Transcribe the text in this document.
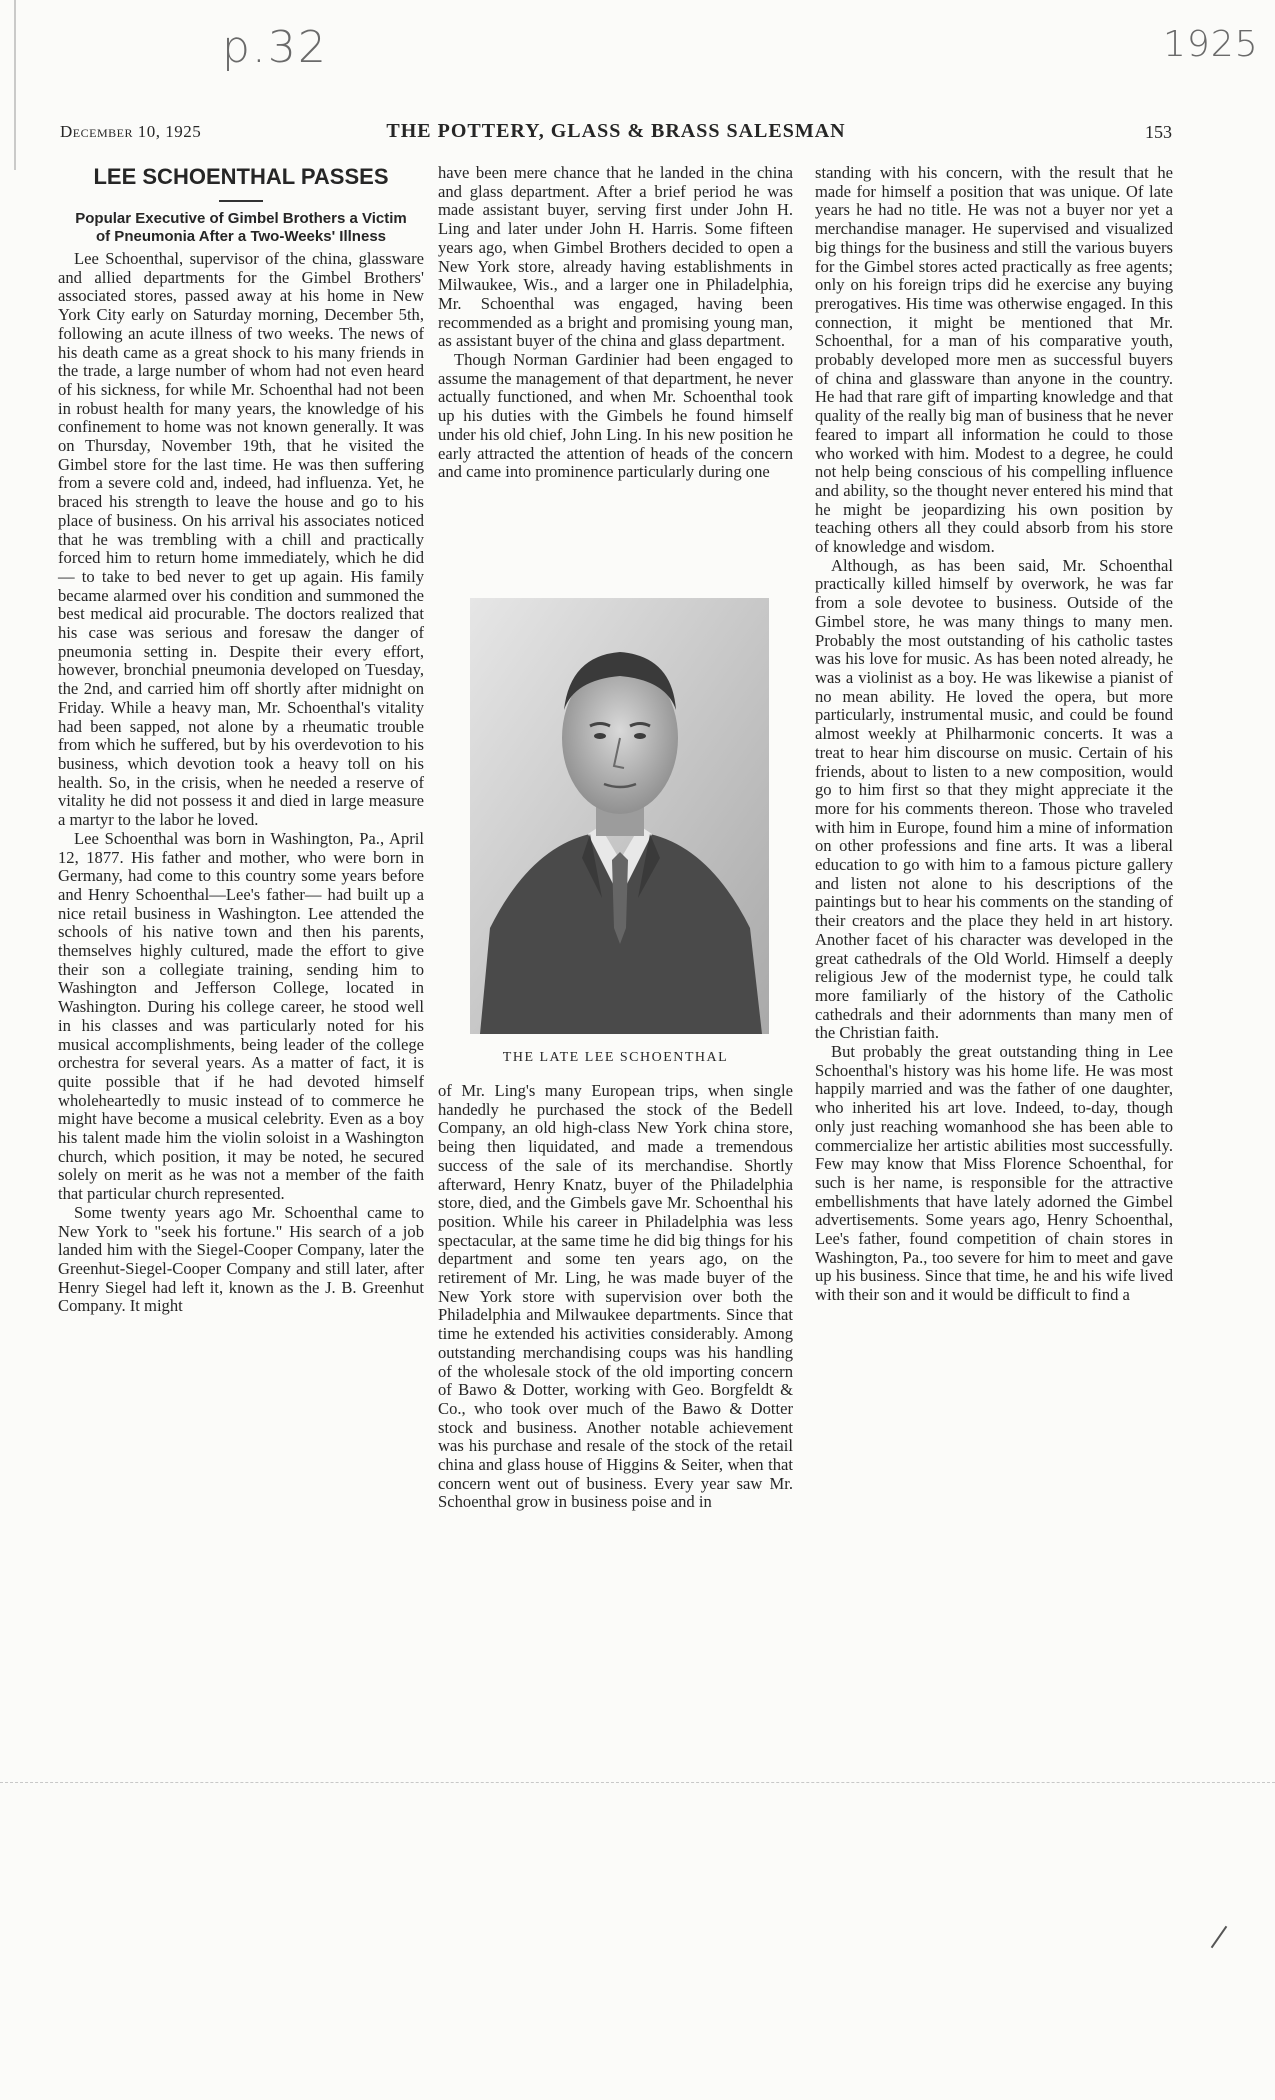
p.32	1925
December 10, 1925	THE POTTERY, GLASS & BRASS SALESMAN	153
LEE SCHOENTHAL PASSES
Popular Executive of Gimbel Brothers a Victim of Pneumonia After a Two-Weeks' Illness

Lee Schoenthal, supervisor of the china, glassware and allied departments for the Gimbel Brothers' associated stores, passed away at his home in New York City early on Saturday morning, December 5th, following an acute illness of two weeks. The news of his death came as a great shock to his many friends in the trade, a large number of whom had not even heard of his sickness, for while Mr. Schoenthal had not been in robust health for many years, the knowledge of his confinement to home was not known generally. It was on Thursday, November 19th, that he visited the Gimbel store for the last time. He was then suffering from a severe cold and, indeed, had influenza. Yet, he braced his strength to leave the house and go to his place of business. On his arrival his associates noticed that he was trembling with a chill and practically forced him to return home immediately, which he did— to take to bed never to get up again. His family became alarmed over his condition and summoned the best medical aid procurable. The doctors realized that his case was serious and foresaw the danger of pneumonia setting in. Despite their every effort, however, bronchial pneumonia developed on Tuesday, the 2nd, and carried him off shortly after midnight on Friday. While a heavy man, Mr. Schoenthal's vitality had been sapped, not alone by a rheumatic trouble from which he suffered, but by his overdevotion to his business, which devotion took a heavy toll on his health. So, in the crisis, when he needed a reserve of vitality he did not possess it and died in large measure a martyr to the labor he loved.

Lee Schoenthal was born in Washington, Pa., April 12, 1877. His father and mother, who were born in Germany, had come to this country some years before and Henry Schoenthal—Lee's father— had built up a nice retail business in Washington. Lee attended the schools of his native town and then his parents, themselves highly cultured, made the effort to give their son a collegiate training, sending him to Washington and Jefferson College, located in Washington. During his college career, he stood well in his classes and was particularly noted for his musical accomplishments, being leader of the college orchestra for several years. As a matter of fact, it is quite possible that if he had devoted himself wholeheartedly to music instead of to commerce he might have become a musical celebrity. Even as a boy his talent made him the violin soloist in a Washington church, which position, it may be noted, he secured solely on merit as he was not a member of the faith that particular church represented.

Some twenty years ago Mr. Schoenthal came to New York to "seek his fortune." His search of a job landed him with the Siegel-Cooper Company, later the Greenhut-Siegel-Cooper Company and still later, after Henry Siegel had left it, known as the J. B. Greenhut Company. It might

have been mere chance that he landed in the china and glass department. After a brief period he was made assistant buyer, serving first under John H. Ling and later under John H. Harris. Some fifteen years ago, when Gimbel Brothers decided to open a New York store, already having establishments in Milwaukee, Wis., and a larger one in Philadelphia, Mr. Schoenthal was engaged, having been recommended as a bright and promising young man, as assistant buyer of the china and glass department.

Though Norman Gardinier had been engaged to assume the management of that department, he never actually functioned, and when Mr. Schoenthal took up his duties with the Gimbels he found himself under his old chief, John Ling. In his new position he early attracted the attention of heads of the concern and came into prominence particularly during one

THE LATE LEE SCHOENTHAL

of Mr. Ling's many European trips, when single handedly he purchased the stock of the Bedell Company, an old high-class New York china store, being then liquidated, and made a tremendous success of the sale of its merchandise. Shortly afterward, Henry Knatz, buyer of the Philadelphia store, died, and the Gimbels gave Mr. Schoenthal his position. While his career in Philadelphia was less spectacular, at the same time he did big things for his department and some ten years ago, on the retirement of Mr. Ling, he was made buyer of the New York store with supervision over both the Philadelphia and Milwaukee departments. Since that time he extended his activities considerably. Among outstanding merchandising coups was his handling of the wholesale stock of the old importing concern of Bawo & Dotter, working with Geo. Borgfeldt & Co., who took over much of the Bawo & Dotter stock and business. Another notable achievement was his purchase and resale of the stock of the retail china and glass house of Higgins & Seiter, when that concern went out of business. Every year saw Mr. Schoenthal grow in business poise and in

standing with his concern, with the result that he made for himself a position that was unique. Of late years he had no title. He was not a buyer nor yet a merchandise manager. He supervised and visualized big things for the business and still the various buyers for the Gimbel stores acted practically as free agents; only on his foreign trips did he exercise any buying prerogatives. His time was otherwise engaged. In this connection, it might be mentioned that Mr. Schoenthal, for a man of his comparative youth, probably developed more men as successful buyers of china and glassware than anyone in the country. He had that rare gift of imparting knowledge and that quality of the really big man of business that he never feared to impart all information he could to those who worked with him. Modest to a degree, he could not help being conscious of his compelling influence and ability, so the thought never entered his mind that he might be jeopardizing his own position by teaching others all they could absorb from his store of knowledge and wisdom.

Although, as has been said, Mr. Schoenthal practically killed himself by overwork, he was far from a sole devotee to business. Outside of the Gimbel store, he was many things to many men. Probably the most outstanding of his catholic tastes was his love for music. As has been noted already, he was a violinist as a boy. He was likewise a pianist of no mean ability. He loved the opera, but more particularly, instrumental music, and could be found almost weekly at Philharmonic concerts. It was a treat to hear him discourse on music. Certain of his friends, about to listen to a new composition, would go to him first so that they might appreciate it the more for his comments thereon. Those who traveled with him in Europe, found him a mine of information on other professions and fine arts. It was a liberal education to go with him to a famous picture gallery and listen not alone to his descriptions of the paintings but to hear his comments on the standing of their creators and the place they held in art history. Another facet of his character was developed in the great cathedrals of the Old World. Himself a deeply religious Jew of the modernist type, he could talk more familiarly of the history of the Catholic cathedrals and their adornments than many men of the Christian faith.

But probably the great outstanding thing in Lee Schoenthal's history was his home life. He was most happily married and was the father of one daughter, who inherited his art love. Indeed, to-day, though only just reaching womanhood she has been able to commercialize her artistic abilities most successfully. Few may know that Miss Florence Schoenthal, for such is her name, is responsible for the attractive embellishments that have lately adorned the Gimbel advertisements. Some years ago, Henry Schoenthal, Lee's father, found competition of chain stores in Washington, Pa., too severe for him to meet and gave up his business. Since that time, he and his wife lived with their son and it would be difficult to find a
